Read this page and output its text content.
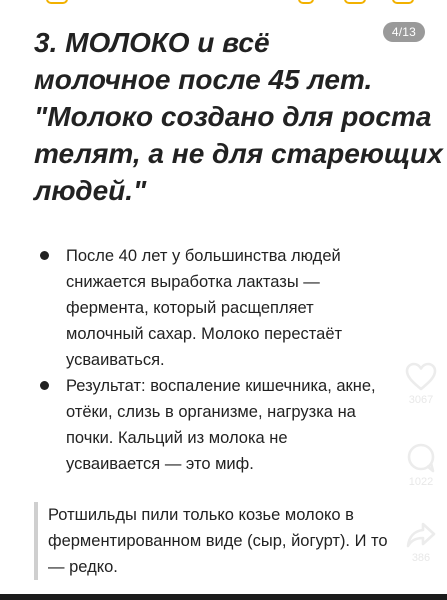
4/13
3. МОЛОКО и всё
молочное после 45 лет.
"Молоко создано для роста
телят, а не для стареющих
людей."
После 40 лет у большинства людей
снижается выработка лактазы —
фермента, который расщепляет
молочный сахар. Молоко перестаёт
усваиваться.
Результат: воспаление кишечника, акне,
отёки, слизь в организме, нагрузка на
почки. Кальций из молока не
усваивается — это миф.
Ротшильды пили только козье молоко в
ферментированном виде (сыр, йогурт). И то
— редко.
3067
1022
386
